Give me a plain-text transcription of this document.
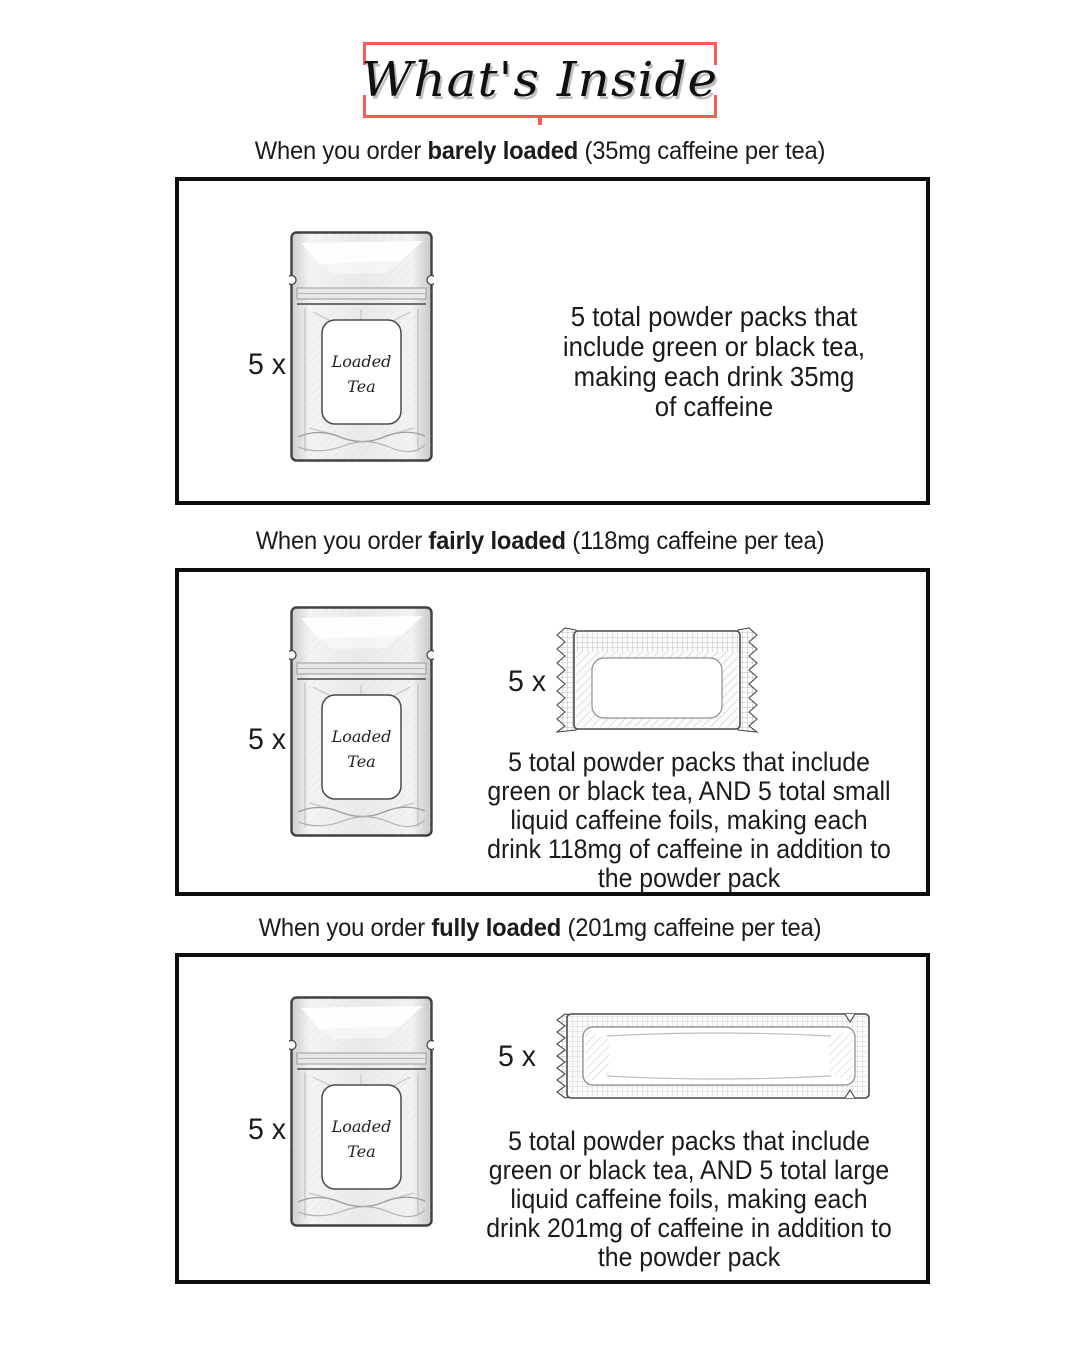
What's Inside
When you order barely loaded (35mg caffeine per tea)
5 x	Loaded
Tea
5 total powder packs that
include green or black tea,
making each drink 35mg
of caffeine
When you order fairly loaded (118mg caffeine per tea)
5 x	Loaded
Tea
5 x
5 total powder packs that include
green or black tea, AND 5 total small
liquid caffeine foils, making each
drink 118mg of caffeine in addition to
the powder pack
When you order fully loaded (201mg caffeine per tea)
5 x	Loaded
Tea
5 x
5 total powder packs that include
green or black tea, AND 5 total large
liquid caffeine foils, making each
drink 201mg of caffeine in addition to
the powder pack
